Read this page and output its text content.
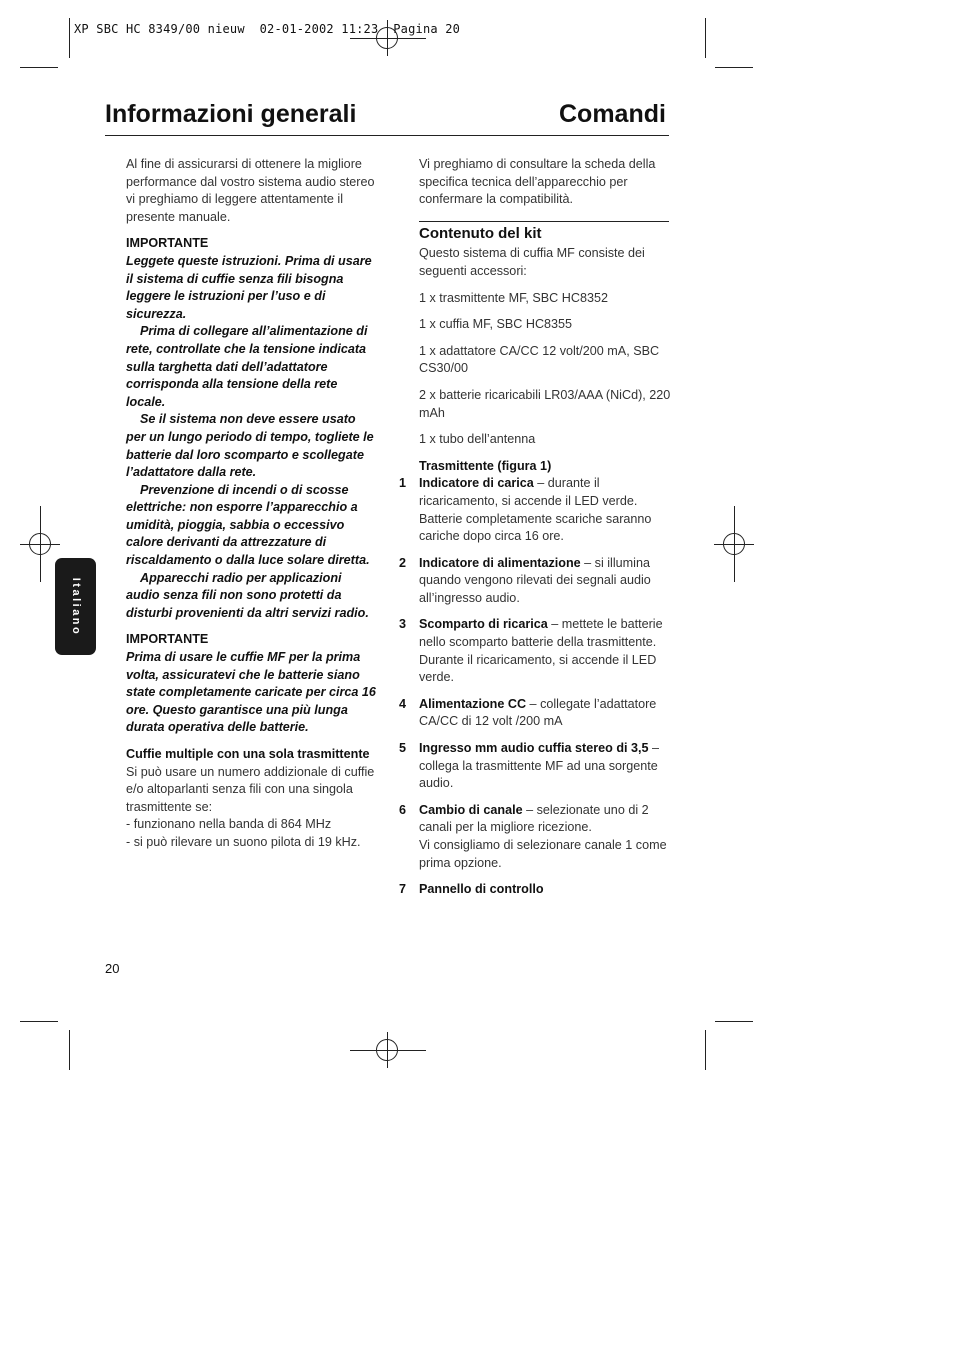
XP SBC HC 8349/00 nieuw  02-01-2002 11:23  Pagina 20
Informazioni generali	Comandi
Italiano

Al fine di assicurarsi di ottenere la migliore performance dal vostro sistema audio stereo vi preghiamo di leggere attentamente il presente manuale.

IMPORTANTE

Leggete queste istruzioni. Prima di usare il sistema di cuffie senza fili bisogna leggere le istruzioni per l’uso e di sicurezza.

Prima di collegare all’alimentazione di rete, controllate che la tensione indicata sulla targhetta dati dell’adattatore corrisponda alla tensione della rete locale.

Se il sistema non deve essere usato per un lungo periodo di tempo, togliete le batterie dal loro scomparto e scollegate l’adattatore dalla rete.

Prevenzione di incendi o di scosse elettriche: non esporre l’apparecchio a umidità, pioggia, sabbia o eccessivo calore derivanti da attrezzature di riscaldamento o dalla luce solare diretta.

Apparecchi radio per applicazioni audio senza fili non sono protetti da disturbi provenienti da altri servizi radio.

IMPORTANTE

Prima di usare le cuffie MF per la prima volta, assicuratevi che le batterie siano state completamente caricate per circa 16 ore. Questo garantisce una più lunga durata operativa delle batterie.

Cuffie multiple con una sola trasmittente

Si può usare un numero addizionale di cuffie e/o altoparlanti senza fili con una singola trasmittente se:

- funzionano nella banda di 864 MHz

- si può rilevare un suono pilota di 19 kHz.

Vi preghiamo di consultare la scheda della specifica tecnica dell’apparecchio per confermare la compatibilità.

Contenuto del kit

Questo sistema di cuffia MF consiste dei seguenti accessori:

1 x trasmittente MF, SBC HC8352

1 x cuffia MF, SBC HC8355

1 x adattatore CA/CC 12 volt/200 mA, SBC CS30/00

2 x batterie ricaricabili LR03/AAA (NiCd), 220 mAh

1 x tubo dell’antenna

Trasmittente (figura 1)

1 Indicatore di carica – durante il ricaricamento, si accende il LED verde. Batterie completamente scariche saranno cariche dopo circa 16 ore.
2 Indicatore di alimentazione – si illumina quando vengono rilevati dei segnali audio all’ingresso audio.
3 Scomparto di ricarica – mettete le batterie nello scomparto batterie della trasmittente. Durante il ricaricamento, si accende il LED verde.
4 Alimentazione CC – collegate l’adattatore CA/CC di 12 volt /200 mA
5 Ingresso mm audio cuffia stereo di 3,5 – collega la trasmittente MF ad una sorgente audio.
6 Cambio di canale – selezionate uno di 2 canali per la migliore ricezione.
Vi consigliamo di selezionare canale 1 come prima opzione.
7 Pannello di controllo
20
